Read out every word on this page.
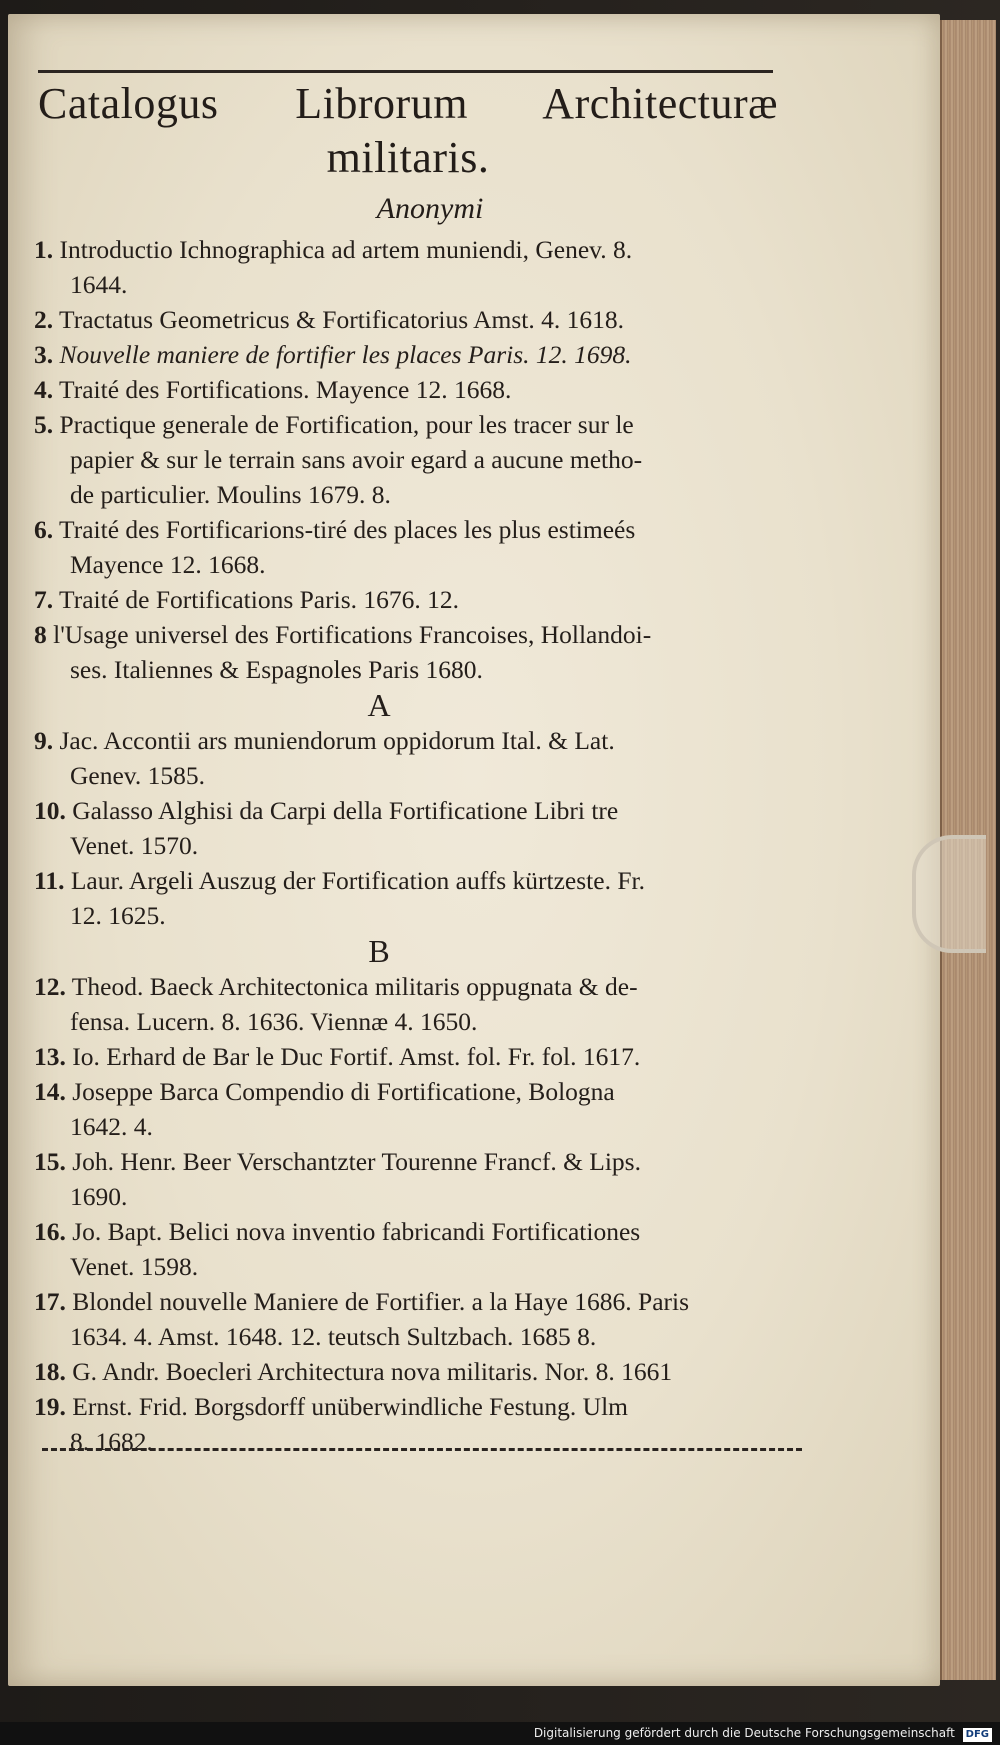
Catalogus Librorum Architecturæ
militaris.
Anonymi
1. Introductio Ichnographica ad artem muniendi, Genev. 8.
1644.
2. Tractatus Geometricus & Fortificatorius Amst. 4. 1618.
3. Nouvelle maniere de fortifier les places Paris. 12. 1698.
4. Traité des Fortifications. Mayence 12. 1668.
5. Practique generale de Fortification, pour les tracer sur le
papier & sur le terrain sans avoir egard a aucune metho-
de particulier. Moulins 1679. 8.
6. Traité des Fortificarions-tiré des places les plus estimeés
Mayence 12. 1668.
7. Traité de Fortifications Paris. 1676. 12.
8 l'Usage universel des Fortifications Francoises, Hollandoi-
ses. Italiennes & Espagnoles Paris 1680.
A
9. Jac. Accontii ars muniendorum oppidorum Ital. & Lat.
Genev. 1585.
10. Galasso Alghisi da Carpi della Fortificatione Libri tre
Venet. 1570.
11. Laur. Argeli Auszug der Fortification auffs kürtzeste. Fr.
12. 1625.
B
12. Theod. Baeck Architectonica militaris oppugnata & de-
fensa. Lucern. 8. 1636. Viennæ 4. 1650.
13. Io. Erhard de Bar le Duc Fortif. Amst. fol. Fr. fol. 1617.
14. Joseppe Barca Compendio di Fortificatione, Bologna
1642. 4.
15. Joh. Henr. Beer Verschantzter Tourenne Francf. & Lips.
1690.
16. Jo. Bapt. Belici nova inventio fabricandi Fortificationes
Venet. 1598.
17. Blondel nouvelle Maniere de Fortifier. a la Haye 1686. Paris
1634. 4. Amst. 1648. 12. teutsch Sultzbach. 1685 8.
18. G. Andr. Boecleri Architectura nova militaris. Nor. 8. 1661
19. Ernst. Frid. Borgsdorff unüberwindliche Festung. Ulm
8. 1682.
Digitalisierung gefördert durch die Deutsche Forschungsgemeinschaft DFG
